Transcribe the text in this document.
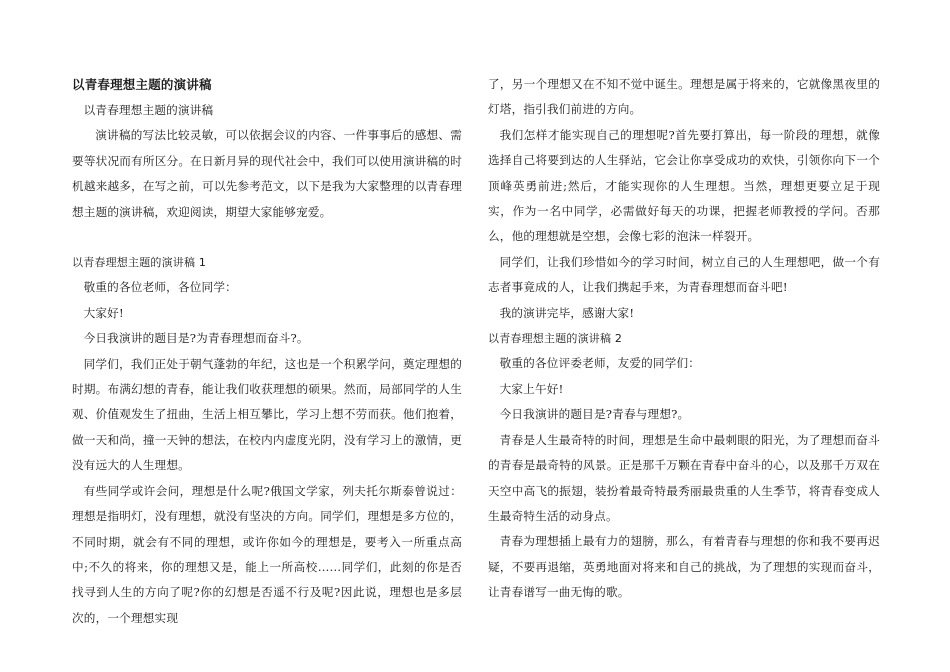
以青春理想主题的演讲稿

以青春理想主题的演讲稿

演讲稿的写法比较灵敏，可以依据会议的内容、一件事事后的感想、需要等状况而有所区分。在日新月异的现代社会中，我们可以使用演讲稿的时机越来越多，在写之前，可以先参考范文，以下是我为大家整理的以青春理想主题的演讲稿，欢迎阅读，期望大家能够宠爱。

以青春理想主题的演讲稿 1

敬重的各位老师，各位同学：

大家好!

今日我演讲的题目是?为青春理想而奋斗?。

同学们，我们正处于朝气蓬勃的年纪，这也是一个积累学问，奠定理想的时期。布满幻想的青春，能让我们收获理想的硕果。然而，局部同学的人生观、价值观发生了扭曲，生活上相互攀比，学习上想不劳而获。他们抱着，做一天和尚，撞一天钟的想法，在校内内虚度光阴，没有学习上的激情，更没有远大的人生理想。

有些同学或许会问，理想是什么呢?俄国文学家，列夫托尔斯泰曾说过：理想是指明灯，没有理想，就没有坚决的方向。同学们，理想是多方位的，不同时期，就会有不同的理想，或许你如今的理想是，要考入一所重点高中;不久的将来，你的理想又是，能上一所高校……同学们，此刻的你是否找寻到人生的方向了呢?你的幻想是否遥不行及呢?因此说，理想也是多层次的，一个理想实现

了，另一个理想又在不知不觉中诞生。理想是属于将来的，它就像黑夜里的灯塔，指引我们前进的方向。

我们怎样才能实现自己的理想呢?首先要打算出，每一阶段的理想，就像选择自己将要到达的人生驿站，它会让你享受成功的欢快，引领你向下一个顶峰英勇前进;然后，才能实现你的人生理想。当然，理想更要立足于现实，作为一名中同学，必需做好每天的功课，把握老师教授的学问。否那么，他的理想就是空想，会像七彩的泡沫一样裂开。

同学们，让我们珍惜如今的学习时间，树立自己的人生理想吧，做一个有志者事竟成的人，让我们携起手来，为青春理想而奋斗吧!

我的演讲完毕，感谢大家!

以青春理想主题的演讲稿 2

敬重的各位评委老师，友爱的同学们：

大家上午好!

今日我演讲的题目是?青春与理想?。

青春是人生最奇特的时间，理想是生命中最刺眼的阳光，为了理想而奋斗的青春是最奇特的风景。正是那千万颗在青春中奋斗的心，以及那千万双在天空中高飞的振翅，装扮着最奇特最秀丽最贵重的人生季节，将青春变成人生最奇特生活的动身点。

青春为理想插上最有力的翅膀，那么，有着青春与理想的你和我不要再迟疑，不要再退缩，英勇地面对将来和自己的挑战，为了理想的实现而奋斗，让青春谱写一曲无悔的歌。
